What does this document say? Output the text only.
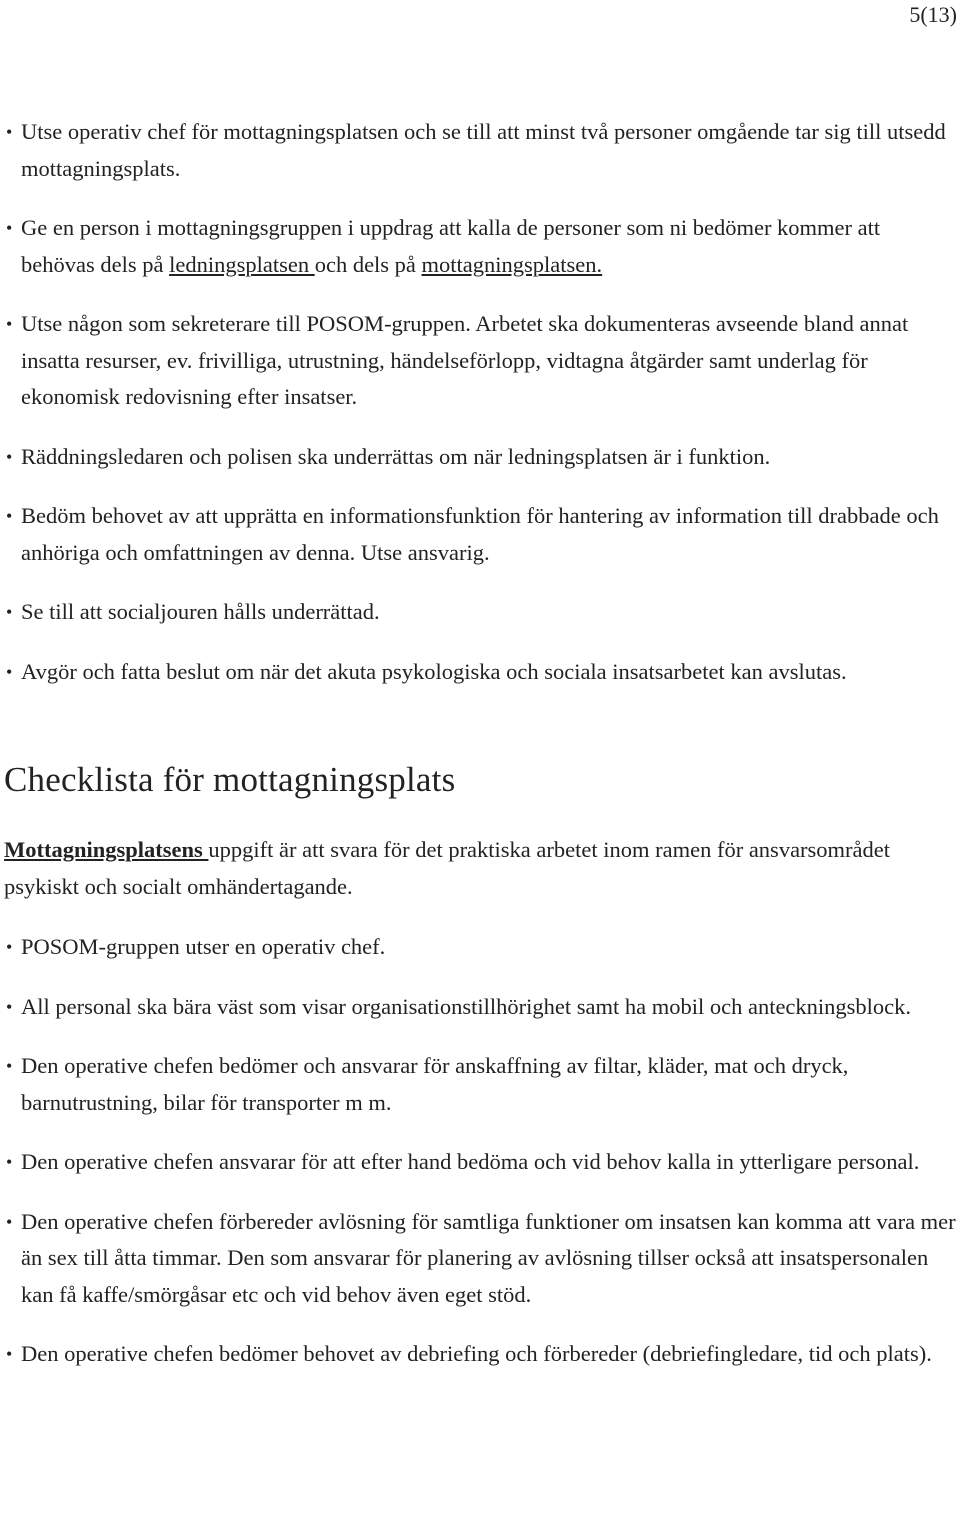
5(13)
• Utse operativ chef för mottagningsplatsen och se till att minst två personer omgående tar sig till utsedd mottagningsplats.
• Ge en person i mottagningsgruppen i uppdrag att kalla de personer som ni bedömer kommer att behövas dels på ledningsplatsen och dels på mottagningsplatsen.
• Utse någon som sekreterare till POSOM-gruppen. Arbetet ska dokumenteras avseende bland annat insatta resurser, ev. frivilliga, utrustning, händelseförlopp, vidtagna åtgärder samt underlag för ekonomisk redovisning efter insatser.
• Räddningsledaren och polisen ska underrättas om när ledningsplatsen är i funktion.
• Bedöm behovet av att upprätta en informationsfunktion för hantering av information till drabbade och anhöriga och omfattningen av denna. Utse ansvarig.
• Se till att socialjouren hålls underrättad.
• Avgör och fatta beslut om när det akuta psykologiska och sociala insatsarbetet kan avslutas.
Checklista för mottagningsplats

Mottagningsplatsens uppgift är att svara för det praktiska arbetet inom ramen för ansvarsområdet psykiskt och socialt omhändertagande.

• POSOM-gruppen utser en operativ chef.
• All personal ska bära väst som visar organisationstillhörighet samt ha mobil och anteckningsblock.
• Den operative chefen bedömer och ansvarar för anskaffning av filtar, kläder, mat och dryck, barnutrustning, bilar för transporter m m.
• Den operative chefen ansvarar för att efter hand bedöma och vid behov kalla in ytterligare personal.
• Den operative chefen förbereder avlösning för samtliga funktioner om insatsen kan komma att vara mer än sex till åtta timmar. Den som ansvarar för planering av avlösning tillser också att insatspersonalen kan få kaffe/smörgåsar etc och vid behov även eget stöd.
• Den operative chefen bedömer behovet av debriefing och förbereder (debriefingledare, tid och plats).
